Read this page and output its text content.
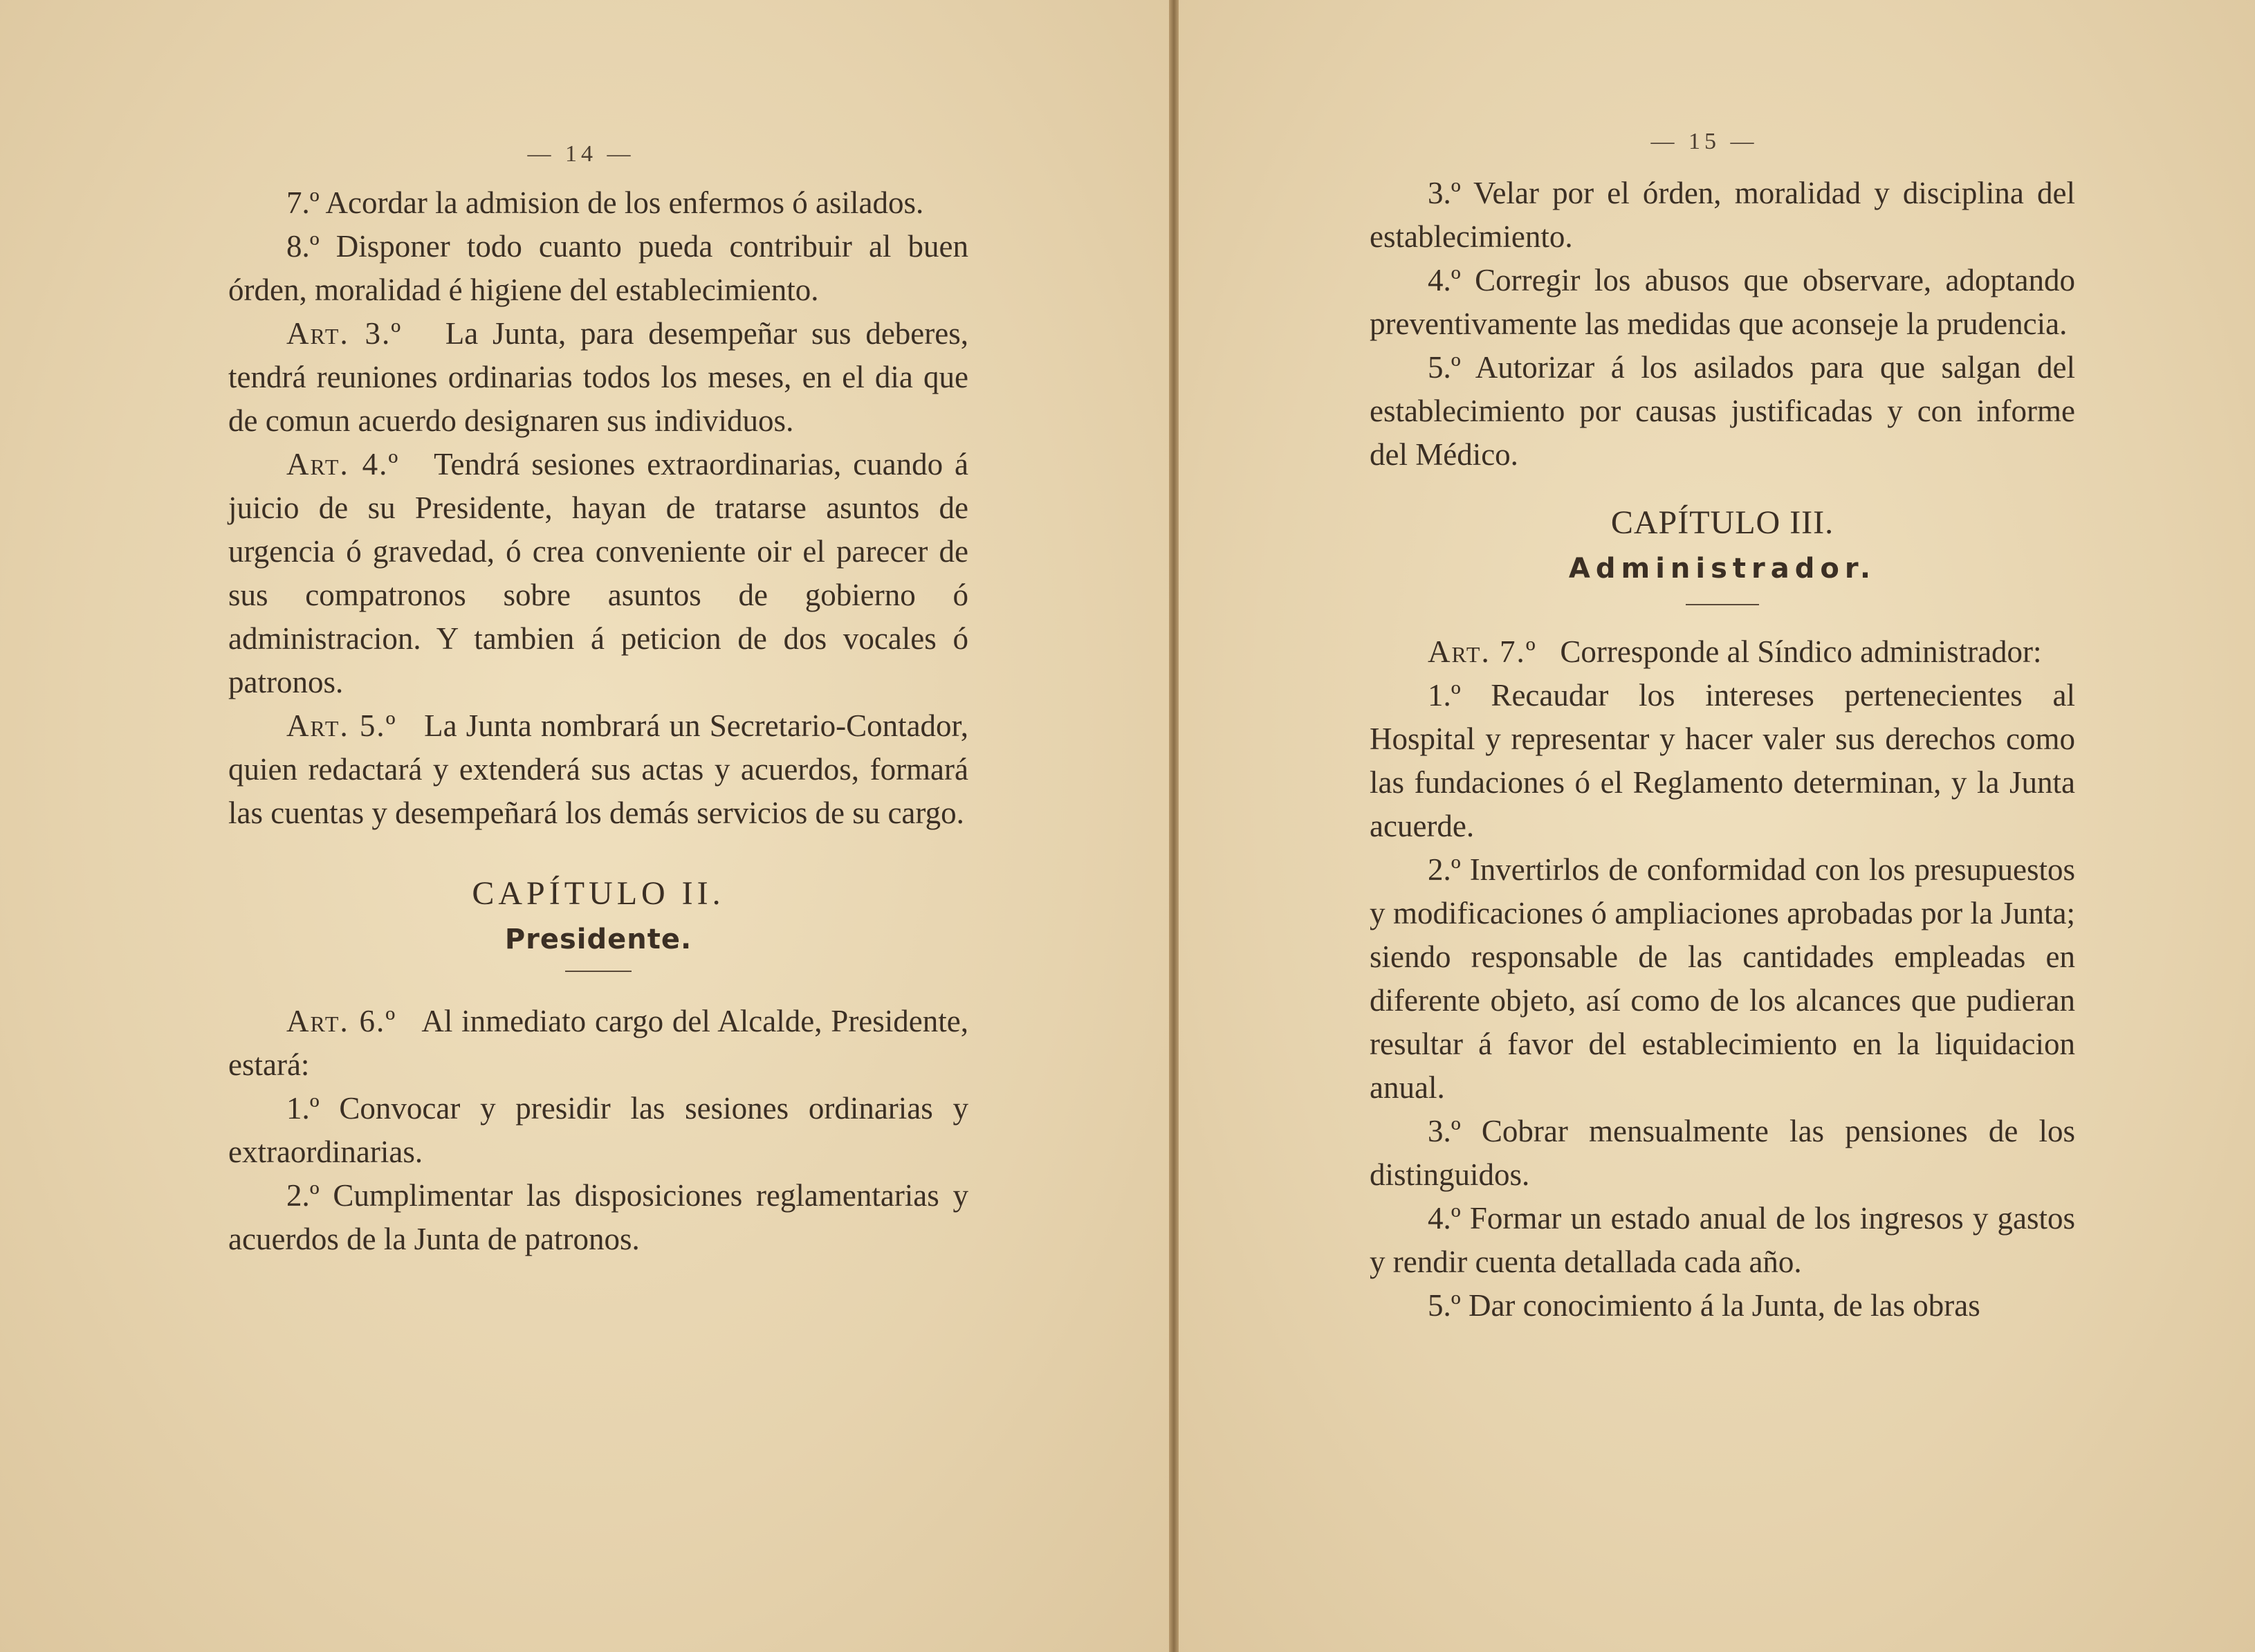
— 14 —

7.º Acordar la admision de los enfermos ó asilados.

8.º Disponer todo cuanto pueda contribuir al buen órden, moralidad é higiene del establecimiento.

Art. 3.º La Junta, para desempeñar sus deberes, tendrá reuniones ordinarias todos los meses, en el dia que de comun acuerdo designaren sus individuos.

Art. 4.º Tendrá sesiones extraordinarias, cuando á juicio de su Presidente, hayan de tratarse asuntos de urgencia ó gravedad, ó crea conveniente oir el parecer de sus compatronos sobre asuntos de gobierno ó administracion. Y tambien á peticion de dos vocales ó patronos.

Art. 5.º La Junta nombrará un Secretario-Contador, quien redactará y extenderá sus actas y acuerdos, formará las cuentas y desempeñará los demás servicios de su cargo.

CAPÍTULO II.

Presidente.

Art. 6.º Al inmediato cargo del Alcalde, Presidente, estará:

1.º Convocar y presidir las sesiones ordinarias y extraordinarias.

2.º Cumplimentar las disposiciones reglamentarias y acuerdos de la Junta de patronos.

— 15 —

3.º Velar por el órden, moralidad y disciplina del establecimiento.

4.º Corregir los abusos que observare, adoptando preventivamente las medidas que aconseje la prudencia.

5.º Autorizar á los asilados para que salgan del establecimiento por causas justificadas y con informe del Médico.

CAPÍTULO III.

Administrador.

Art. 7.º Corresponde al Síndico administrador:

1.º Recaudar los intereses pertenecientes al Hospital y representar y hacer valer sus derechos como las fundaciones ó el Reglamento determinan, y la Junta acuerde.

2.º Invertirlos de conformidad con los presupuestos y modificaciones ó ampliaciones aprobadas por la Junta; siendo responsable de las cantidades empleadas en diferente objeto, así como de los alcances que pudieran resultar á favor del establecimiento en la liquidacion anual.

3.º Cobrar mensualmente las pensiones de los distinguidos.

4.º Formar un estado anual de los ingresos y gastos y rendir cuenta detallada cada año.

5.º Dar conocimiento á la Junta, de las obras
